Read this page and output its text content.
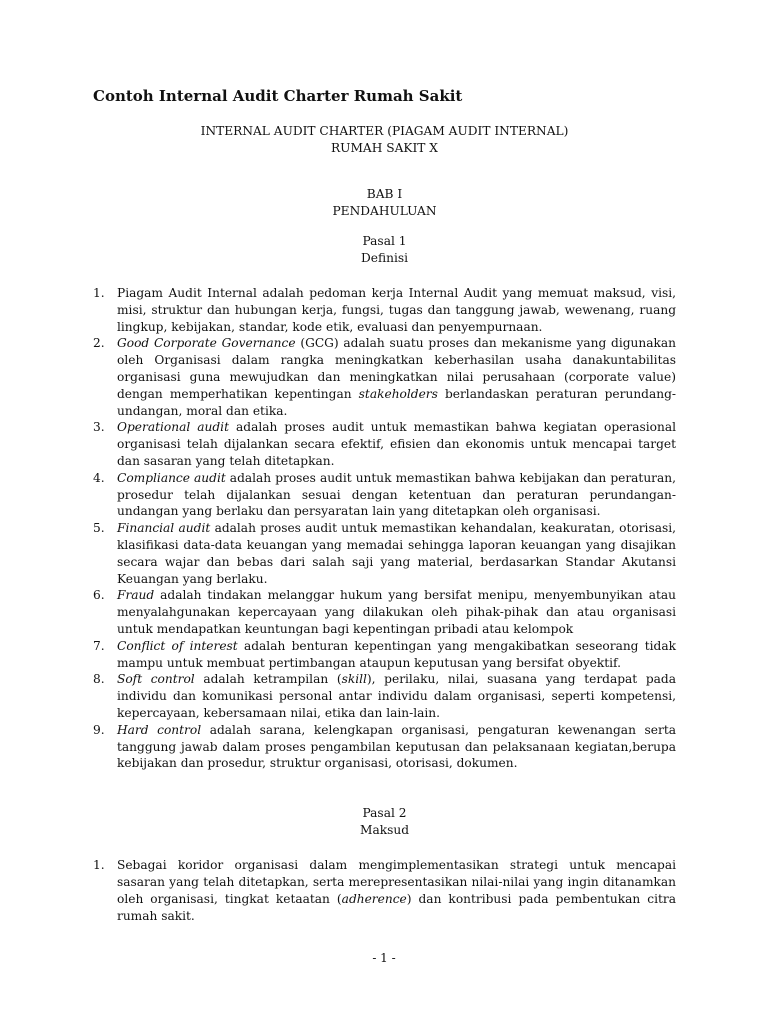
Contoh Internal Audit Charter Rumah Sakit
INTERNAL AUDIT CHARTER (PIAGAM AUDIT INTERNAL)
RUMAH SAKIT X
BAB I
PENDAHULUAN
Pasal 1
Definisi
1. Piagam Audit Internal adalah pedoman kerja Internal Audit yang memuat maksud, visi, misi, struktur dan hubungan kerja, fungsi, tugas dan tanggung jawab, wewenang, ruang lingkup, kebijakan, standar, kode etik, evaluasi dan penyempurnaan.
2. Good Corporate Governance (GCG) adalah suatu proses dan mekanisme yang digunakan oleh Organisasi dalam rangka meningkatkan keberhasilan usaha danakuntabilitas organisasi guna mewujudkan dan meningkatkan nilai perusahaan (corporate value) dengan memperhatikan kepentingan stakeholders berlandaskan peraturan perundang-undangan, moral dan etika.
3. Operational audit adalah proses audit untuk memastikan bahwa kegiatan operasional organisasi telah dijalankan secara efektif, efisien dan ekonomis untuk mencapai target dan sasaran yang telah ditetapkan.
4. Compliance audit adalah proses audit untuk memastikan bahwa kebijakan dan peraturan, prosedur telah dijalankan sesuai dengan ketentuan dan peraturan perundangan-undangan yang berlaku dan persyaratan lain yang ditetapkan oleh organisasi.
5. Financial audit adalah proses audit untuk memastikan kehandalan, keakuratan, otorisasi, klasifikasi data-data keuangan yang memadai sehingga laporan keuangan yang disajikan secara wajar dan bebas dari salah saji yang material, berdasarkan Standar Akutansi Keuangan yang berlaku.
6. Fraud adalah tindakan melanggar hukum yang bersifat menipu, menyembunyikan atau menyalahgunakan kepercayaan yang dilakukan oleh pihak-pihak dan atau organisasi untuk mendapatkan keuntungan bagi kepentingan pribadi atau kelompok
7. Conflict of interest adalah benturan kepentingan yang mengakibatkan seseorang tidak mampu untuk membuat pertimbangan ataupun keputusan yang bersifat obyektif.
8. Soft control adalah ketrampilan (skill), perilaku, nilai, suasana yang terdapat pada individu dan komunikasi personal antar individu dalam organisasi, seperti kompetensi, kepercayaan, kebersamaan nilai, etika dan lain-lain.
9. Hard control adalah sarana, kelengkapan organisasi, pengaturan kewenangan serta tanggung jawab dalam proses pengambilan keputusan dan pelaksanaan kegiatan,berupa kebijakan dan prosedur, struktur organisasi, otorisasi, dokumen.
Pasal 2
Maksud
1. Sebagai koridor organisasi dalam mengimplementasikan strategi untuk mencapai sasaran yang telah ditetapkan, serta merepresentasikan nilai-nilai yang ingin ditanamkan oleh organisasi, tingkat ketaatan (adherence) dan kontribusi pada pembentukan citra rumah sakit.
- 1 -
